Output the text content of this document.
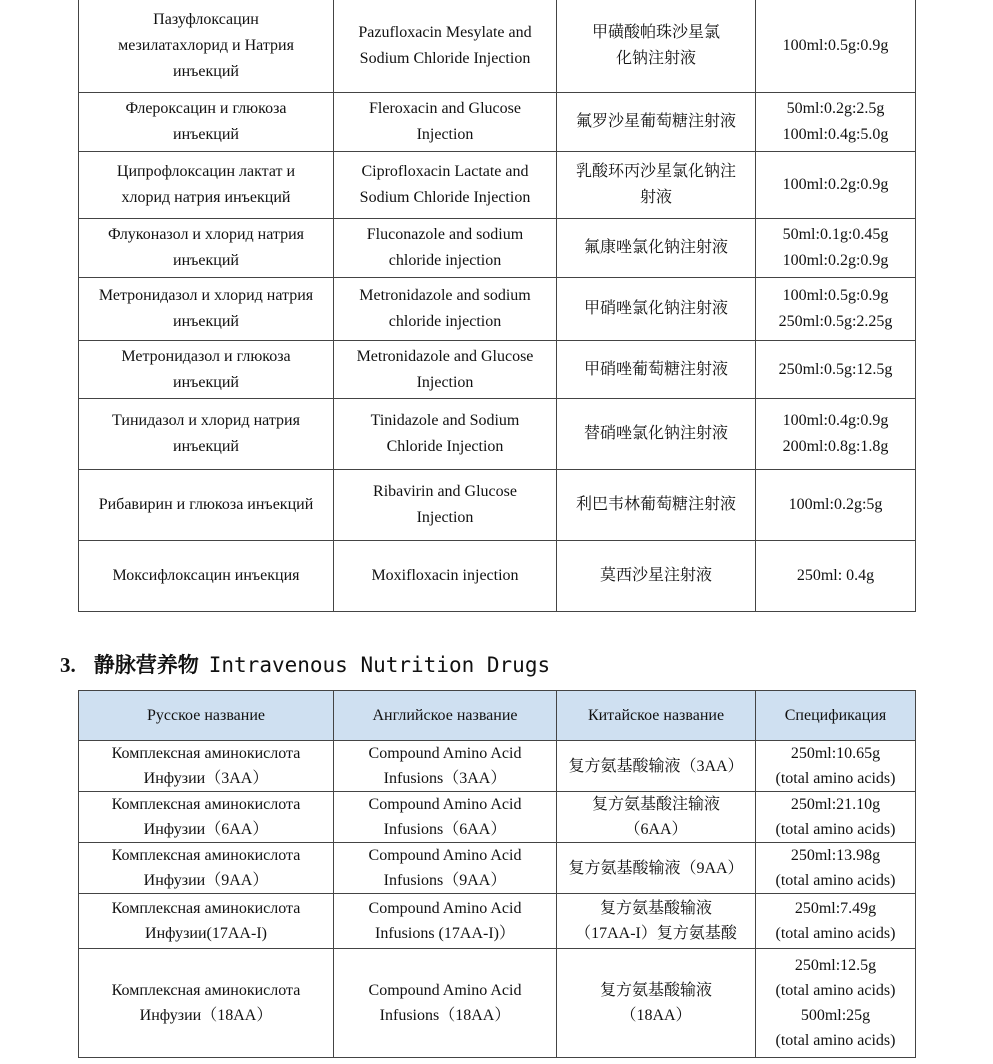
Пазуфлоксацин
мезилатахлорид и Натрия
инъекций	Pazufloxacin Mesylate and
Sodium Chloride Injection	甲磺酸帕珠沙星氯
化钠注射液	100ml:0.5g:0.9g

Флероксацин и глюкоза
инъекций	Fleroxacin and Glucose
Injection	氟罗沙星葡萄糖注射液	50ml:0.2g:2.5g
100ml:0.4g:5.0g

Ципрофлоксацин лактат и
хлорид натрия инъекций	Ciprofloxacin Lactate and
Sodium Chloride Injection	乳酸环丙沙星氯化钠注
射液	100ml:0.2g:0.9g

Флуконазол и хлорид натрия
инъекций	Fluconazole and sodium
chloride injection	氟康唑氯化钠注射液	50ml:0.1g:0.45g
100ml:0.2g:0.9g

Метронидазол и хлорид натрия
инъекций	Metronidazole and sodium
chloride injection	甲硝唑氯化钠注射液	100ml:0.5g:0.9g
250ml:0.5g:2.25g

Метронидазол и глюкоза
инъекций	Metronidazole and Glucose
Injection	甲硝唑葡萄糖注射液	250ml:0.5g:12.5g

Тинидазол и хлорид натрия
инъекций	Tinidazole and Sodium
Chloride Injection	替硝唑氯化钠注射液	100ml:0.4g:0.9g
200ml:0.8g:1.8g

Рибавирин и глюкоза инъекций	Ribavirin and Glucose
Injection	利巴韦林葡萄糖注射液	100ml:0.2g:5g

Моксифлоксацин инъекция	Moxifloxacin injection	莫西沙星注射液	250ml: 0.4g
3. 静脉营养物 Intravenous Nutrition Drugs
Русское название	Английское название	Китайское название	Спецификация

Комплексная аминокислота
Инфузии（3AA）	Compound Amino Acid
Infusions（3AA）	复方氨基酸输液（3AA）	250ml:10.65g
(total amino acids)

Комплексная аминокислота
Инфузии（6AA）	Compound Amino Acid
Infusions（6AA）	复方氨基酸注输液
（6AA）	250ml:21.10g
(total amino acids)

Комплексная аминокислота
Инфузии（9AA）	Compound Amino Acid
Infusions（9AA）	复方氨基酸输液（9AA）	250ml:13.98g
(total amino acids)

Комплексная аминокислота
Инфузии(17AA-I)	Compound Amino Acid
Infusions (17AA-I)）	复方氨基酸输液
（17AA-I）复方氨基酸	250ml:7.49g
(total amino acids)

Комплексная аминокислота
Инфузии（18AA）	Compound Amino Acid
Infusions（18AA）	复方氨基酸输液
（18AA）	250ml:12.5g
(total amino acids)
500ml:25g
(total amino acids)
